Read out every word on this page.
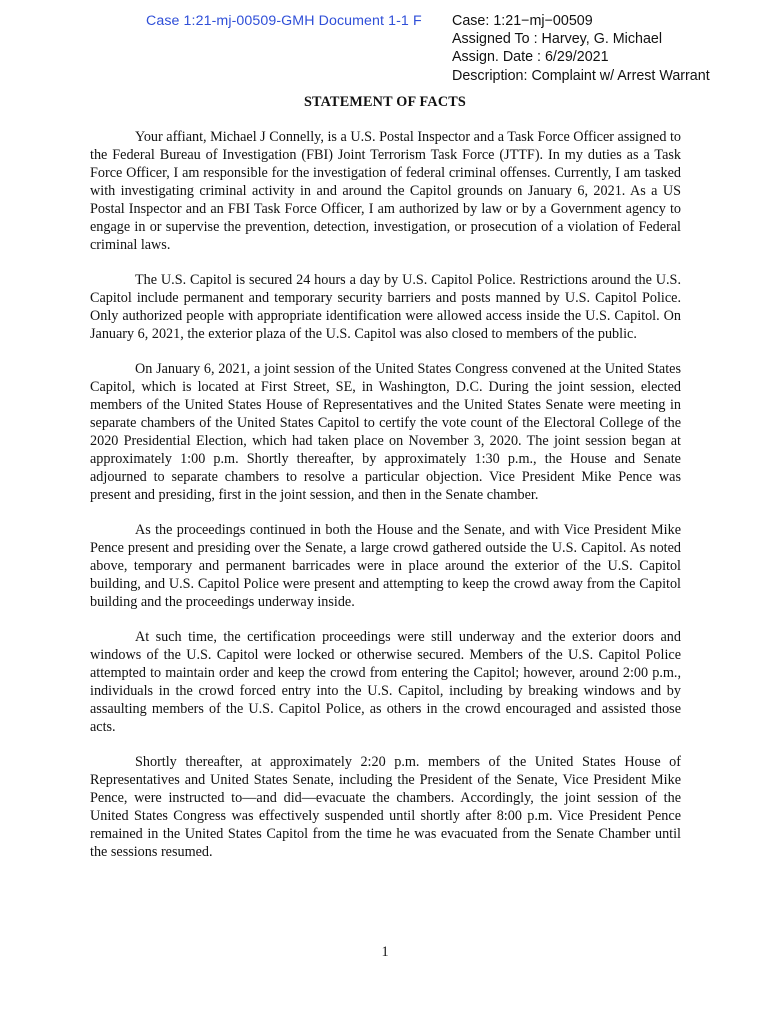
Case 1:21-mj-00509-GMH Document 1-1 F Case: 1:21−mj−00509
Assigned To : Harvey, G. Michael
Assign. Date : 6/29/2021
Description: Complaint w/ Arrest Warrant
STATEMENT OF FACTS

Your affiant, Michael J Connelly, is a U.S. Postal Inspector and a Task Force Officer assigned to the Federal Bureau of Investigation (FBI) Joint Terrorism Task Force (JTTF). In my duties as a Task Force Officer, I am responsible for the investigation of federal criminal offenses. Currently, I am tasked with investigating criminal activity in and around the Capitol grounds on January 6, 2021. As a US Postal Inspector and an FBI Task Force Officer, I am authorized by law or by a Government agency to engage in or supervise the prevention, detection, investigation, or prosecution of a violation of Federal criminal laws.

The U.S. Capitol is secured 24 hours a day by U.S. Capitol Police. Restrictions around the U.S. Capitol include permanent and temporary security barriers and posts manned by U.S. Capitol Police. Only authorized people with appropriate identification were allowed access inside the U.S. Capitol. On January 6, 2021, the exterior plaza of the U.S. Capitol was also closed to members of the public.

On January 6, 2021, a joint session of the United States Congress convened at the United States Capitol, which is located at First Street, SE, in Washington, D.C. During the joint session, elected members of the United States House of Representatives and the United States Senate were meeting in separate chambers of the United States Capitol to certify the vote count of the Electoral College of the 2020 Presidential Election, which had taken place on November 3, 2020. The joint session began at approximately 1:00 p.m. Shortly thereafter, by approximately 1:30 p.m., the House and Senate adjourned to separate chambers to resolve a particular objection. Vice President Mike Pence was present and presiding, first in the joint session, and then in the Senate chamber.

As the proceedings continued in both the House and the Senate, and with Vice President Mike Pence present and presiding over the Senate, a large crowd gathered outside the U.S. Capitol. As noted above, temporary and permanent barricades were in place around the exterior of the U.S. Capitol building, and U.S. Capitol Police were present and attempting to keep the crowd away from the Capitol building and the proceedings underway inside.

At such time, the certification proceedings were still underway and the exterior doors and windows of the U.S. Capitol were locked or otherwise secured. Members of the U.S. Capitol Police attempted to maintain order and keep the crowd from entering the Capitol; however, around 2:00 p.m., individuals in the crowd forced entry into the U.S. Capitol, including by breaking windows and by assaulting members of the U.S. Capitol Police, as others in the crowd encouraged and assisted those acts.

Shortly thereafter, at approximately 2:20 p.m. members of the United States House of Representatives and United States Senate, including the President of the Senate, Vice President Mike Pence, were instructed to—and did—evacuate the chambers. Accordingly, the joint session of the United States Congress was effectively suspended until shortly after 8:00 p.m. Vice President Pence remained in the United States Capitol from the time he was evacuated from the Senate Chamber until the sessions resumed.

1
